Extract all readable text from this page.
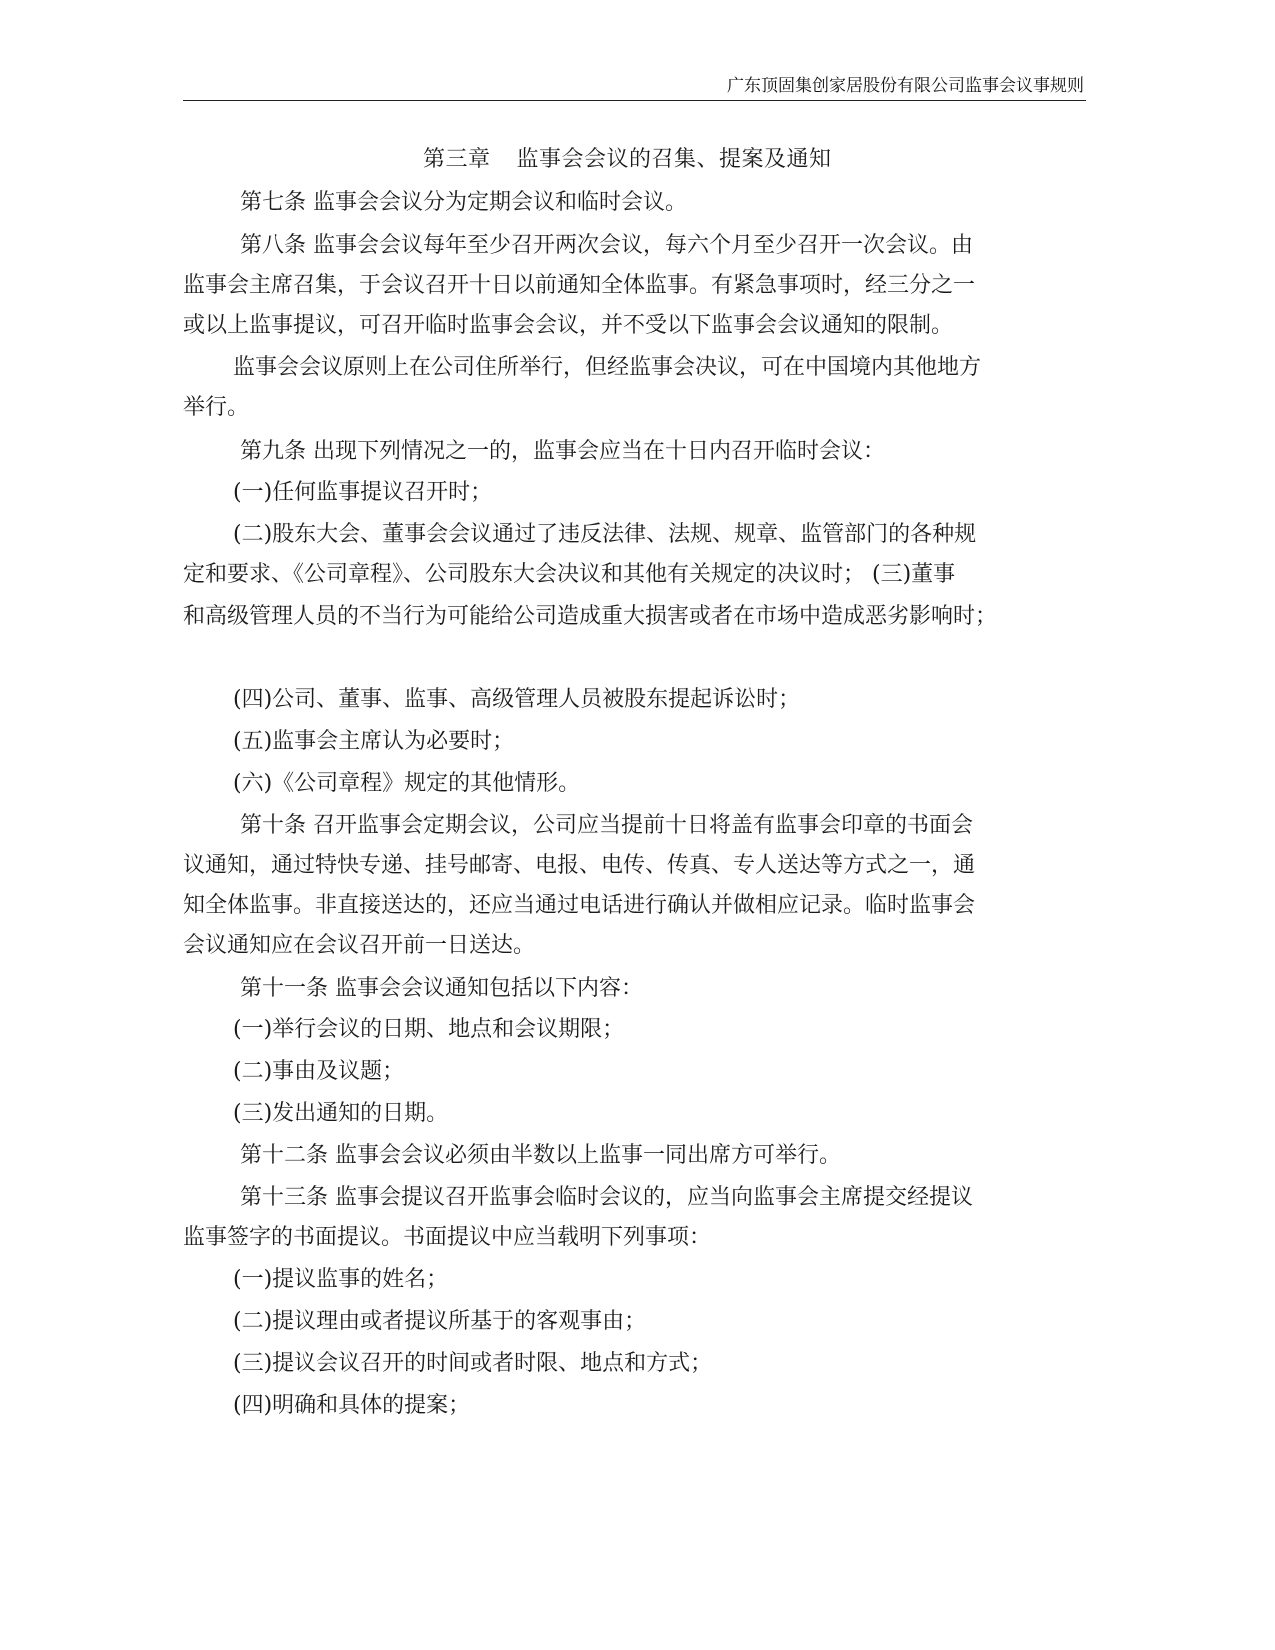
广东顶固集创家居股份有限公司监事会议事规则
第三章 监事会会议的召集、提案及通知
第七条 监事会会议分为定期会议和临时会议。
第八条 监事会会议每年至少召开两次会议，每六个月至少召开一次会议。由
监事会主席召集，于会议召开十日以前通知全体监事。有紧急事项时，经三分之一
或以上监事提议，可召开临时监事会会议，并不受以下监事会会议通知的限制。
监事会会议原则上在公司住所举行，但经监事会决议，可在中国境内其他地方
举行。
第九条 出现下列情况之一的，监事会应当在十日内召开临时会议：
(一)任何监事提议召开时；
(二)股东大会、董事会会议通过了违反法律、法规、规章、监管部门的各种规
定和要求、《公司章程》、公司股东大会决议和其他有关规定的决议时； (三)董事
和高级管理人员的不当行为可能给公司造成重大损害或者在市场中造成恶劣影响时；
(四)公司、董事、监事、高级管理人员被股东提起诉讼时；
(五)监事会主席认为必要时；
(六)《公司章程》规定的其他情形。
第十条 召开监事会定期会议，公司应当提前十日将盖有监事会印章的书面会
议通知，通过特快专递、挂号邮寄、电报、电传、传真、专人送达等方式之一，通
知全体监事。非直接送达的，还应当通过电话进行确认并做相应记录。临时监事会
会议通知应在会议召开前一日送达。
第十一条 监事会会议通知包括以下内容：
(一)举行会议的日期、地点和会议期限；
(二)事由及议题；
(三)发出通知的日期。
第十二条 监事会会议必须由半数以上监事一同出席方可举行。
第十三条 监事会提议召开监事会临时会议的，应当向监事会主席提交经提议
监事签字的书面提议。书面提议中应当载明下列事项：
(一)提议监事的姓名；
(二)提议理由或者提议所基于的客观事由；
(三)提议会议召开的时间或者时限、地点和方式；
(四)明确和具体的提案；
